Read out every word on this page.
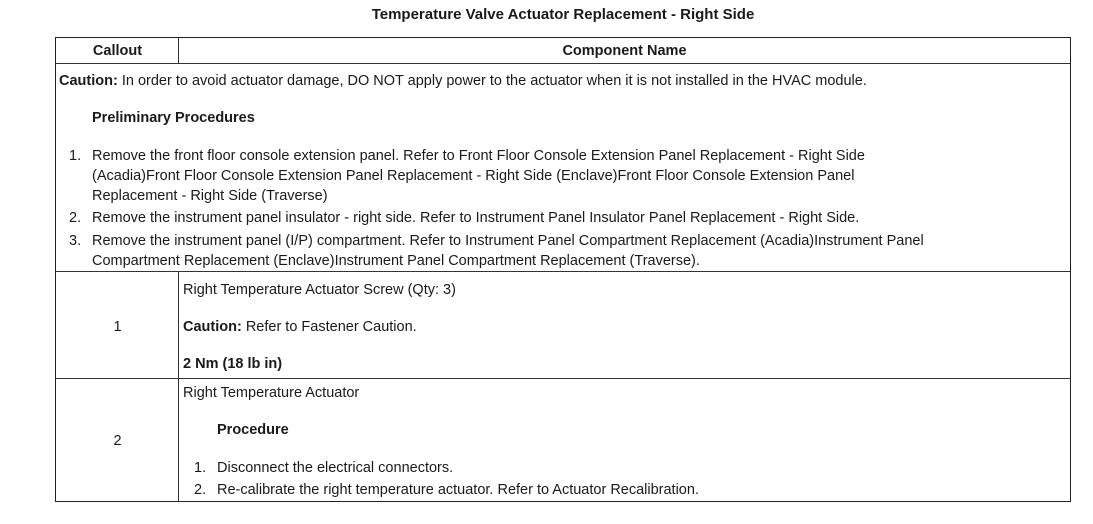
Temperature Valve Actuator Replacement - Right Side
Callout	Component Name
Caution: In order to avoid actuator damage, DO NOT apply power to the actuator when it is not installed in the HVAC module.
Preliminary Procedures
1. Remove the front floor console extension panel. Refer to Front Floor Console Extension Panel Replacement - Right Side
(Acadia)Front Floor Console Extension Panel Replacement - Right Side (Enclave)Front Floor Console Extension Panel
Replacement - Right Side (Traverse)
2. Remove the instrument panel insulator - right side. Refer to Instrument Panel Insulator Panel Replacement - Right Side.
3. Remove the instrument panel (I/P) compartment. Refer to Instrument Panel Compartment Replacement (Acadia)Instrument Panel
Compartment Replacement (Enclave)Instrument Panel Compartment Replacement (Traverse).
1
Right Temperature Actuator Screw (Qty: 3)
Caution: Refer to Fastener Caution.
2 Nm (18 lb in)
2
Right Temperature Actuator
Procedure
1. Disconnect the electrical connectors.
2. Re-calibrate the right temperature actuator. Refer to Actuator Recalibration.
